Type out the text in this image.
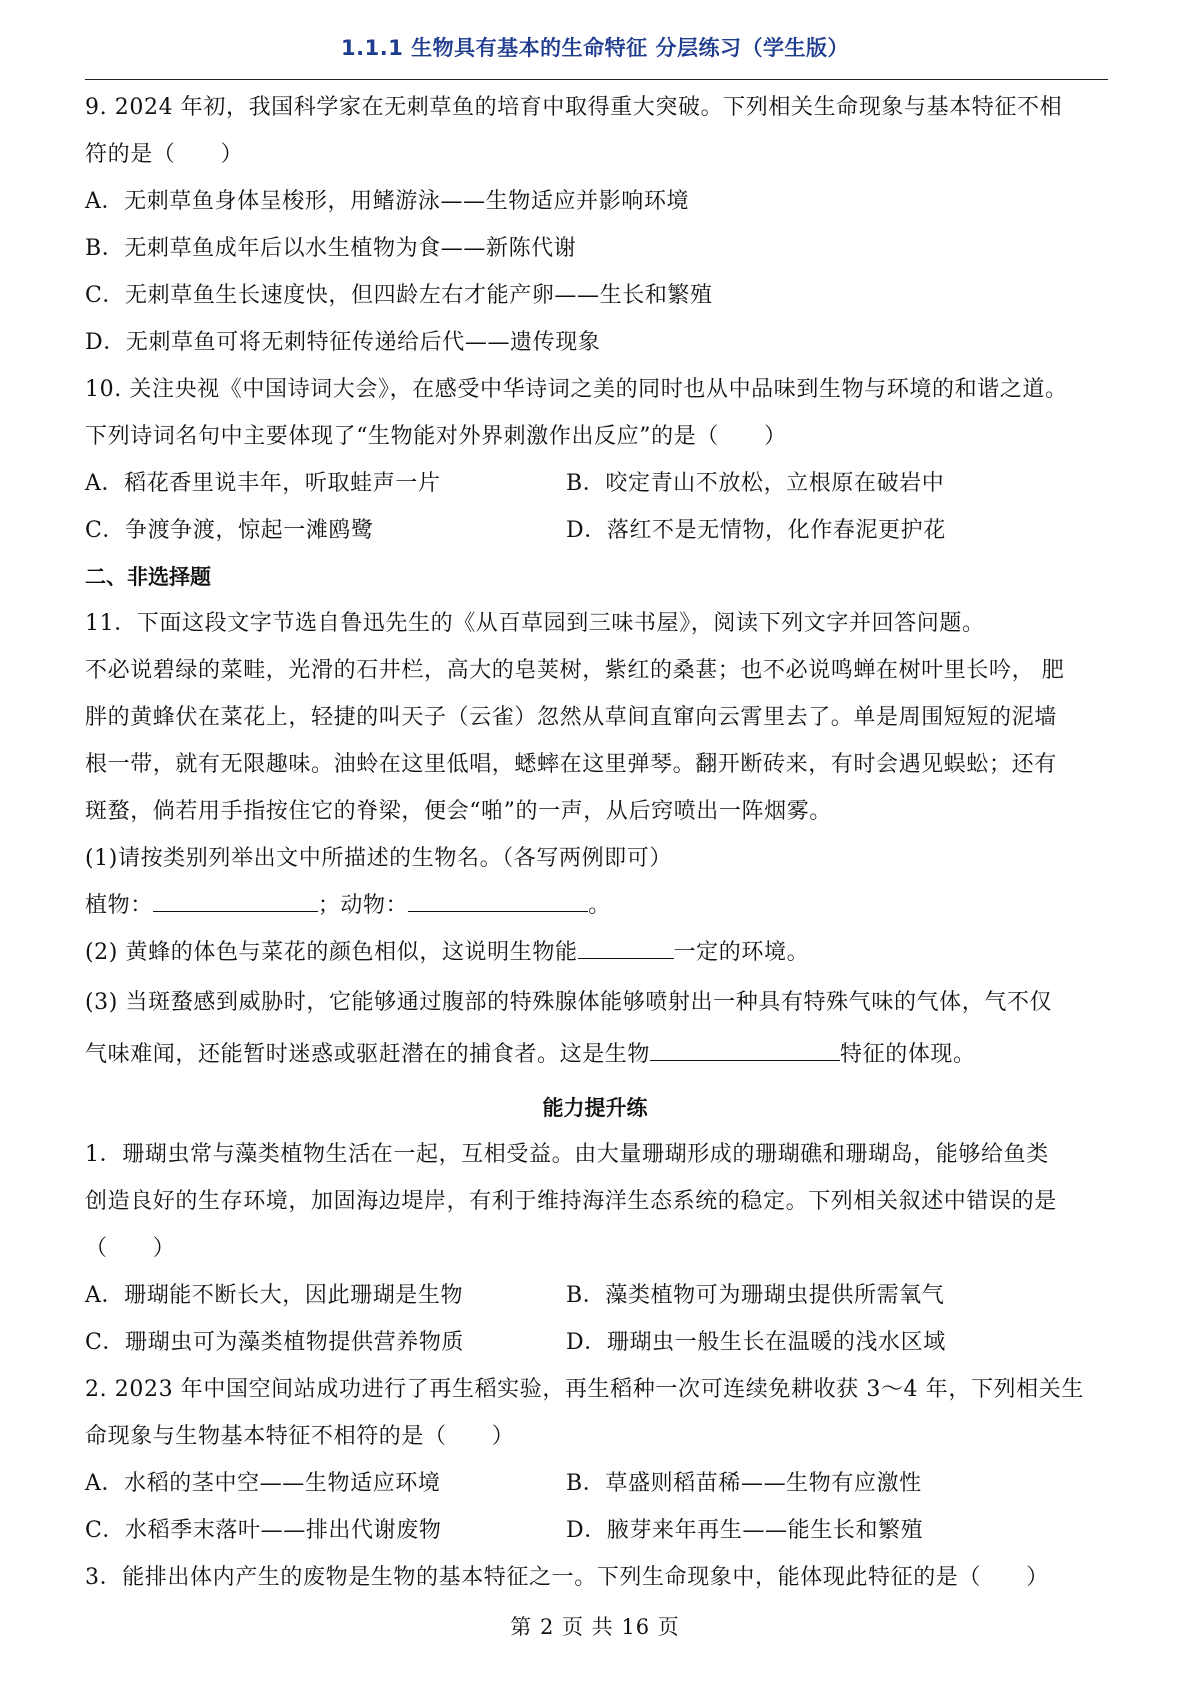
1.1.1 生物具有基本的生命特征 分层练习（学生版）
9. 2024 年初，我国科学家在无刺草鱼的培育中取得重大突破。下列相关生命现象与基本特征不相
符的是（　　）
A．无刺草鱼身体呈梭形，用鳍游泳——生物适应并影响环境
B．无刺草鱼成年后以水生植物为食——新陈代谢
C．无刺草鱼生长速度快，但四龄左右才能产卵——生长和繁殖
D．无刺草鱼可将无刺特征传递给后代——遗传现象
10. 关注央视《中国诗词大会》，在感受中华诗词之美的同时也从中品味到生物与环境的和谐之道。
下列诗词名句中主要体现了“生物能对外界刺激作出反应”的是（　　）
A．稻花香里说丰年，听取蛙声一片	B．咬定青山不放松，立根原在破岩中
C．争渡争渡，惊起一滩鸥鹭	D．落红不是无情物，化作春泥更护花
二、非选择题
11．下面这段文字节选自鲁迅先生的《从百草园到三味书屋》，阅读下列文字并回答问题。
不必说碧绿的菜畦，光滑的石井栏，高大的皂荚树，紫红的桑葚；也不必说鸣蝉在树叶里长吟， 肥
胖的黄蜂伏在菜花上，轻捷的叫天子（云雀）忽然从草间直窜向云霄里去了。单是周围短短的泥墙
根一带，就有无限趣味。油蛉在这里低唱，蟋蟀在这里弹琴。翻开断砖来，有时会遇见蜈蚣；还有
斑蝥，倘若用手指按住它的脊梁，便会“啪”的一声，从后窍喷出一阵烟雾。
(1)请按类别列举出文中所描述的生物名。（各写两例即可）
植物：	；动物：	。
(2) 黄蜂的体色与菜花的颜色相似，这说明生物能	一定的环境。
(3) 当斑蝥感到威胁时，它能够通过腹部的特殊腺体能够喷射出一种具有特殊气味的气体，气不仅
气味难闻，还能暂时迷惑或驱赶潜在的捕食者。这是生物	特征的体现。
能力提升练
1．珊瑚虫常与藻类植物生活在一起，互相受益。由大量珊瑚形成的珊瑚礁和珊瑚岛，能够给鱼类
创造良好的生存环境，加固海边堤岸，有利于维持海洋生态系统的稳定。下列相关叙述中错误的是
（　　）
A．珊瑚能不断长大，因此珊瑚是生物	B．藻类植物可为珊瑚虫提供所需氧气
C．珊瑚虫可为藻类植物提供营养物质	D．珊瑚虫一般生长在温暖的浅水区域
2. 2023 年中国空间站成功进行了再生稻实验，再生稻种一次可连续免耕收获 3～4 年，下列相关生
命现象与生物基本特征不相符的是（　　）
A．水稻的茎中空——生物适应环境	B．草盛则稻苗稀——生物有应激性
C．水稻季末落叶——排出代谢废物	D．腋芽来年再生——能生长和繁殖
3．能排出体内产生的废物是生物的基本特征之一。下列生命现象中，能体现此特征的是（　　）
第 2 页 共 16 页
